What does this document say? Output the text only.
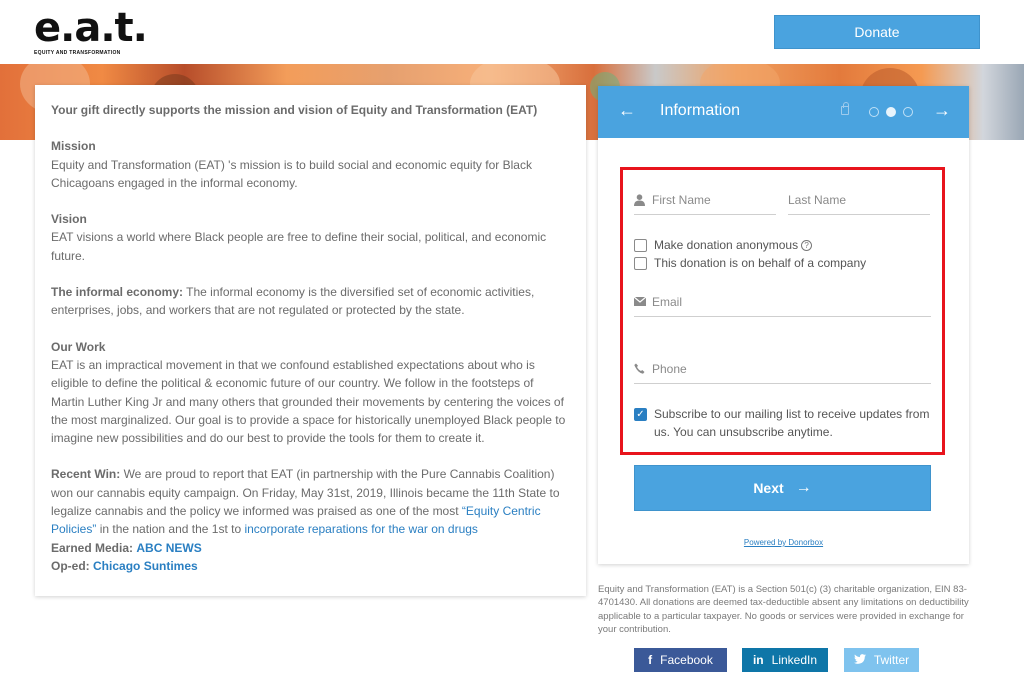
e.a.t.
EQUITY AND TRANSFORMATION
Donate

Your gift directly supports the mission and vision of Equity and Transformation (EAT)

Mission

Equity and Transformation (EAT) 's mission is to build social and economic equity for Black Chicagoans engaged in the informal economy.

Vision

EAT visions a world where Black people are free to define their social, political, and economic future.

The informal economy: The informal economy is the diversified set of economic activities, enterprises, jobs, and workers that are not regulated or protected by the state.

Our Work

EAT is an impractical movement in that we confound established expectations about who is eligible to define the political & economic future of our country. We follow in the footsteps of Martin Luther King Jr and many others that grounded their movements by centering the voices of the most marginalized. Our goal is to provide a space for historically unemployed Black people to imagine new possibilities and do our best to provide the tools for them to create it.

Recent Win: We are proud to report that EAT (in partnership with the Pure Cannabis Coalition) won our cannabis equity campaign. On Friday, May 31st, 2019, Illinois became the 11th State to legalize cannabis and the policy we informed was praised as one of the most “Equity Centric Policies” in the nation and the 1st to incorporate reparations for the war on drugs

Earned Media: ABC NEWS

Op-ed: Chicago Suntimes

← Information	→
First Name	Last Name
Make donation anonymous ?
This donation is on behalf of a company
Email
Phone
✓ Subscribe to our mailing list to receive updates from us. You can unsubscribe anytime.
Next →
Powered by Donorbox
Equity and Transformation (EAT) is a Section 501(c) (3) charitable organization, EIN 83-4701430. All donations are deemed tax-deductible absent any limitations on deductibility applicable to a particular taxpayer. No goods or services were provided in exchange for your contribution.
f Facebook	in LinkedIn	Twitter
